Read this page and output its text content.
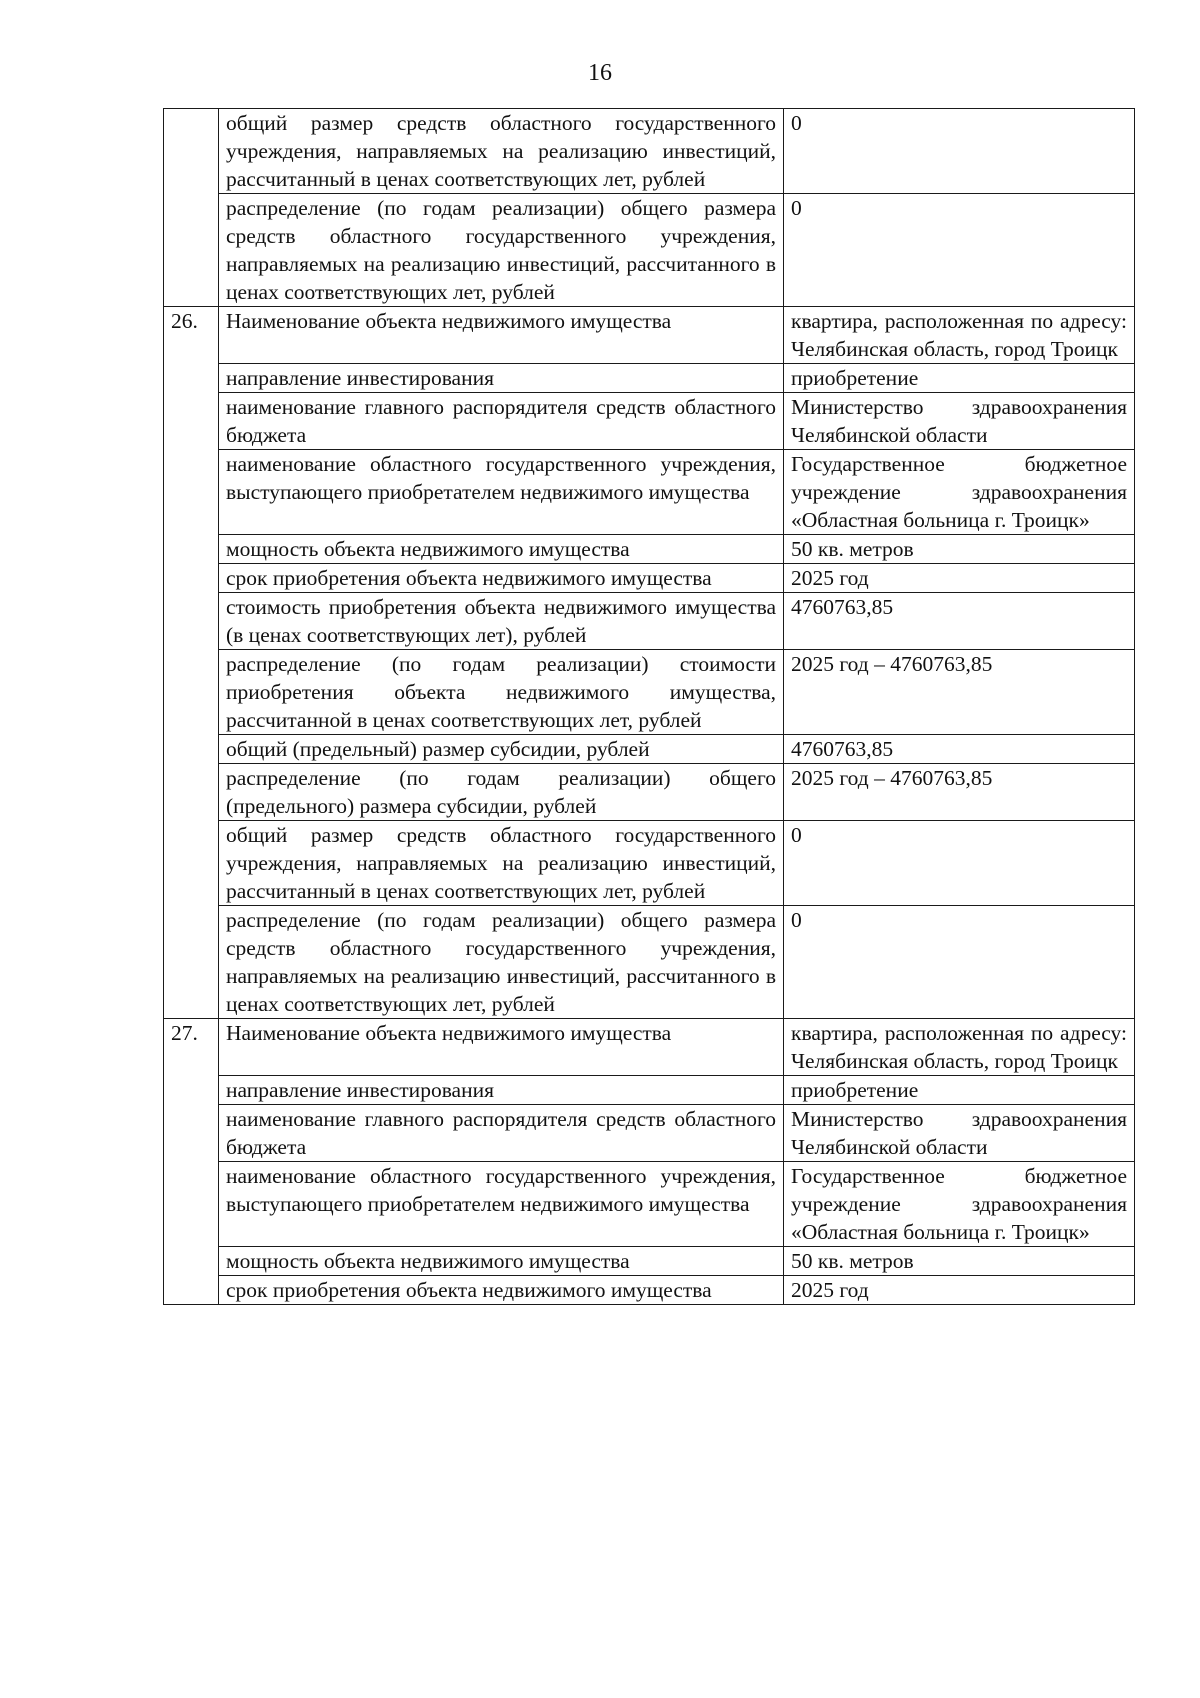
16
	общий размер средств областного государственного учреждения, направляемых на реализацию инвестиций, рассчитанный в ценах соответствующих лет, рублей	0
	распределение (по годам реализации) общего размера средств областного государственного учреждения, направляемых на реализацию инвестиций, рассчитанного в ценах соответствующих лет, рублей	0
26.	Наименование объекта недвижимого имущества	квартира, расположенная по адресу: Челябинская область, город Троицк
	направление инвестирования	приобретение
	наименование главного распорядителя средств областного бюджета	Министерство здравоохранения Челябинской области
	наименование областного государственного учреждения, выступающего приобретателем недвижимого имущества	Государственное бюджетное учреждение здравоохранения «Областная больница г. Троицк»
	мощность объекта недвижимого имущества	50 кв. метров
	срок приобретения объекта недвижимого имущества	2025 год
	стоимость приобретения объекта недвижимого имущества (в ценах соответствующих лет), рублей	4760763,85
	распределение (по годам реализации) стоимости приобретения объекта недвижимого имущества, рассчитанной в ценах соответствующих лет, рублей	2025 год – 4760763,85
	общий (предельный) размер субсидии, рублей	4760763,85
	распределение (по годам реализации) общего (предельного) размера субсидии, рублей	2025 год – 4760763,85
	общий размер средств областного государственного учреждения, направляемых на реализацию инвестиций, рассчитанный в ценах соответствующих лет, рублей	0
	распределение (по годам реализации) общего размера средств областного государственного учреждения, направляемых на реализацию инвестиций, рассчитанного в ценах соответствующих лет, рублей	0
27.	Наименование объекта недвижимого имущества	квартира, расположенная по адресу: Челябинская область, город Троицк
	направление инвестирования	приобретение
	наименование главного распорядителя средств областного бюджета	Министерство здравоохранения Челябинской области
	наименование областного государственного учреждения, выступающего приобретателем недвижимого имущества	Государственное бюджетное учреждение здравоохранения «Областная больница г. Троицк»
	мощность объекта недвижимого имущества	50 кв. метров
	срок приобретения объекта недвижимого имущества	2025 год
